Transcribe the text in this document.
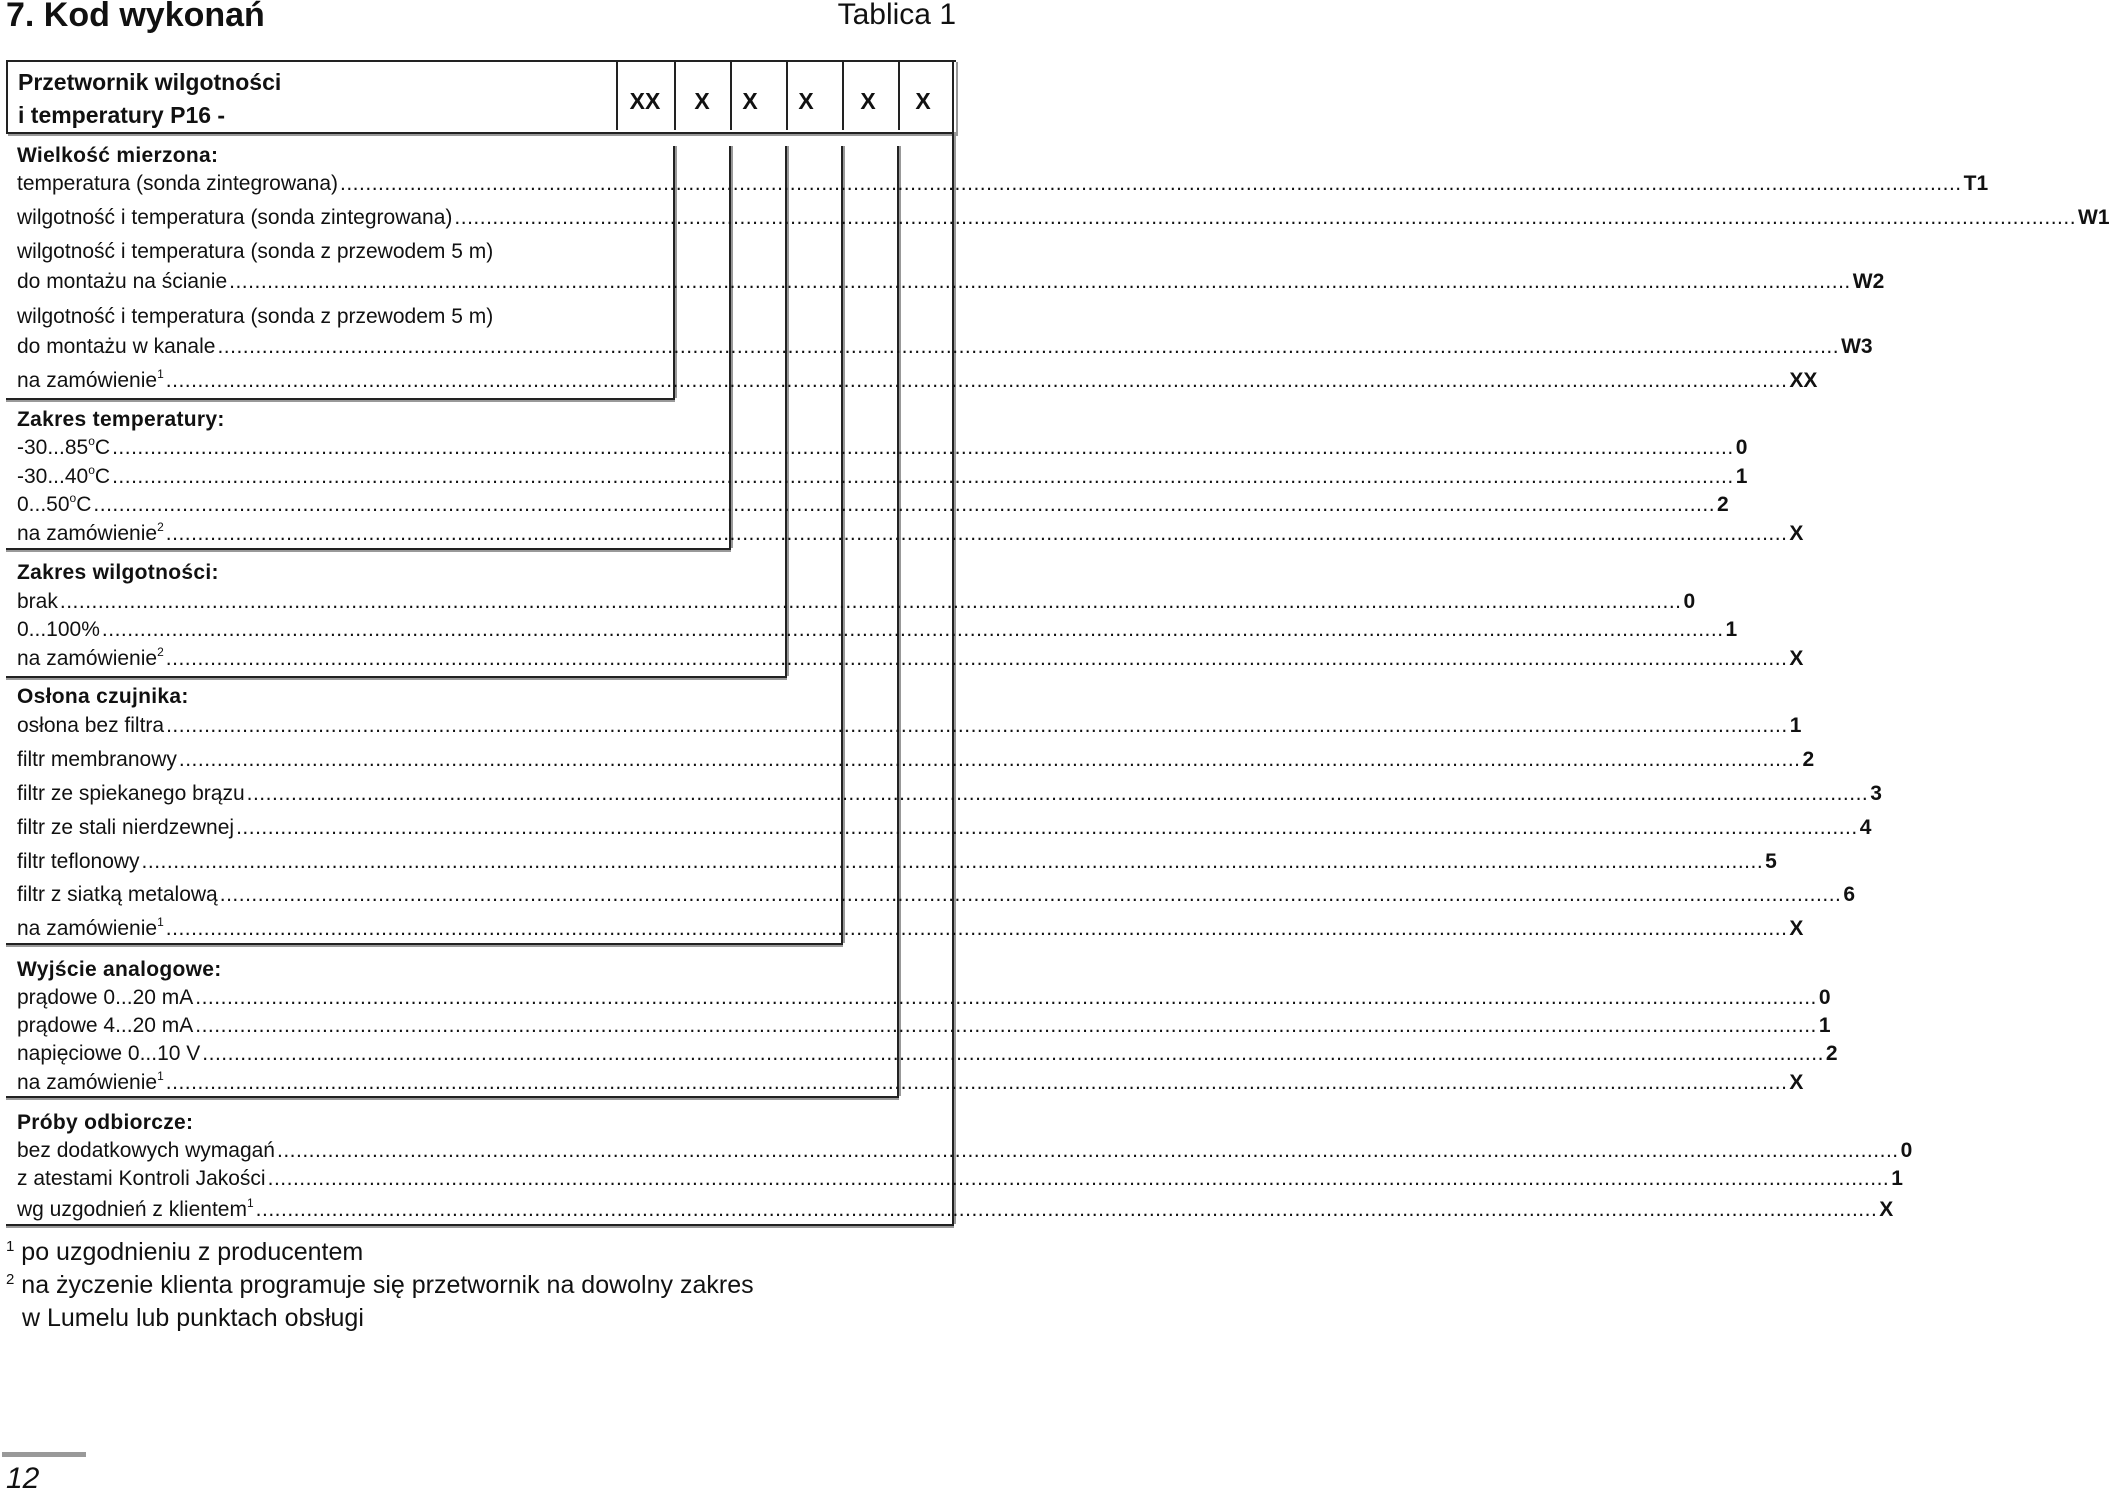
7. Kod wykonań	Tablica 1
Przetwornik wilgotności
i temperatury P16 -
XX	X	X	X	X	X
Wielkość mierzona:
temperatura (sonda zintegrowana) ................................................................................................................................................................................................................................................................ T1
wilgotność i temperatura (sonda zintegrowana) ................................................................................................................................................................................................................................................................ W1
wilgotność i temperatura (sonda z przewodem 5 m)
do montażu na ścianie ................................................................................................................................................................................................................................................................ W2
wilgotność i temperatura (sonda z przewodem 5 m)
do montażu w kanale ................................................................................................................................................................................................................................................................ W3
na zamówienie$^1$ ................................................................................................................................................................................................................................................................ XX
Zakres temperatury:
-30...85$^o$C ................................................................................................................................................................................................................................................................ 0
-30...40$^o$C ................................................................................................................................................................................................................................................................ 1
0...50$^o$C ................................................................................................................................................................................................................................................................ 2
na zamówienie$^2$ ................................................................................................................................................................................................................................................................ X
Zakres wilgotności:
brak ................................................................................................................................................................................................................................................................ 0
0...100% ................................................................................................................................................................................................................................................................ 1
na zamówienie$^2$ ................................................................................................................................................................................................................................................................ X
Osłona czujnika:
osłona bez filtra ................................................................................................................................................................................................................................................................ 1
filtr membranowy ................................................................................................................................................................................................................................................................ 2
filtr ze spiekanego brązu ................................................................................................................................................................................................................................................................ 3
filtr ze stali nierdzewnej ................................................................................................................................................................................................................................................................ 4
filtr teflonowy ................................................................................................................................................................................................................................................................ 5
filtr z siatką metalową ................................................................................................................................................................................................................................................................ 6
na zamówienie$^1$ ................................................................................................................................................................................................................................................................ X
Wyjście analogowe:
prądowe 0...20 mA ................................................................................................................................................................................................................................................................ 0
prądowe 4...20 mA ................................................................................................................................................................................................................................................................ 1
napięciowe 0...10 V ................................................................................................................................................................................................................................................................ 2
na zamówienie$^1$ ................................................................................................................................................................................................................................................................ X
Próby odbiorcze:
bez dodatkowych wymagań ................................................................................................................................................................................................................................................................ 0
z atestami Kontroli Jakości ................................................................................................................................................................................................................................................................ 1
wg uzgodnień z klientem$^1$ ................................................................................................................................................................................................................................................................ X
$^1$ po uzgodnieniu z producentem
$^2$ na życzenie klienta programuje się przetwornik na dowolny zakres
w Lumelu lub punktach obsługi
12
